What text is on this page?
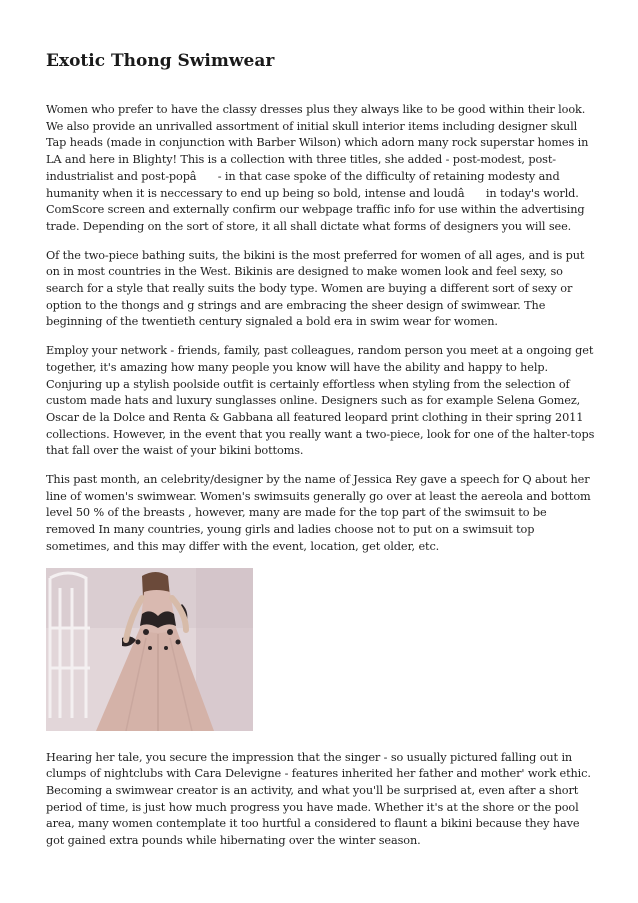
Exotic Thong Swimwear

Women who prefer to have the classy dresses plus they always like to be good within their look. We also provide an unrivalled assortment of initial skull interior items including designer skull Tap heads (made in conjunction with Barber Wilson) which adorn many rock superstar homes in LA and here in Blighty! This is a collection with three titles, she added - post-modest, post-industrialist and post-popâ - in that case spoke of the difficulty of retaining modesty and humanity when it is neccessary to end up being so bold, intense and loudâ in today's world. ComScore screen and externally confirm our webpage traffic info for use within the advertising trade. Depending on the sort of store, it all shall dictate what forms of designers you will see.

Of the two-piece bathing suits, the bikini is the most preferred for women of all ages, and is put on in most countries in the West. Bikinis are designed to make women look and feel sexy, so search for a style that really suits the body type. Women are buying a different sort of sexy or option to the thongs and g strings and are embracing the sheer design of swimwear. The beginning of the twentieth century signaled a bold era in swim wear for women.

Employ your network - friends, family, past colleagues, random person you meet at a ongoing get together, it's amazing how many people you know will have the ability and happy to help. Conjuring up a stylish poolside outfit is certainly effortless when styling from the selection of custom made hats and luxury sunglasses online. Designers such as for example Selena Gomez, Oscar de la Dolce and Renta & Gabbana all featured leopard print clothing in their spring 2011 collections. However, in the event that you really want a two-piece, look for one of the halter-tops that fall over the waist of your bikini bottoms.

This past month, an celebrity/designer by the name of Jessica Rey gave a speech for Q about her line of women's swimwear. Women's swimsuits generally go over at least the aereola and bottom level 50 % of the breasts , however, many are made for the top part of the swimsuit to be removed In many countries, young girls and ladies choose not to put on a swimsuit top sometimes, and this may differ with the event, location, get older, etc.

Hearing her tale, you secure the impression that the singer - so usually pictured falling out in clumps of nightclubs with Cara Delevigne - features inherited her father and mother' work ethic. Becoming a swimwear creator is an activity, and what you'll be surprised at, even after a short period of time, is just how much progress you have made. Whether it's at the shore or the pool area, many women contemplate it too hurtful a considered to flaunt a bikini because they have got gained extra pounds while hibernating over the winter season.
